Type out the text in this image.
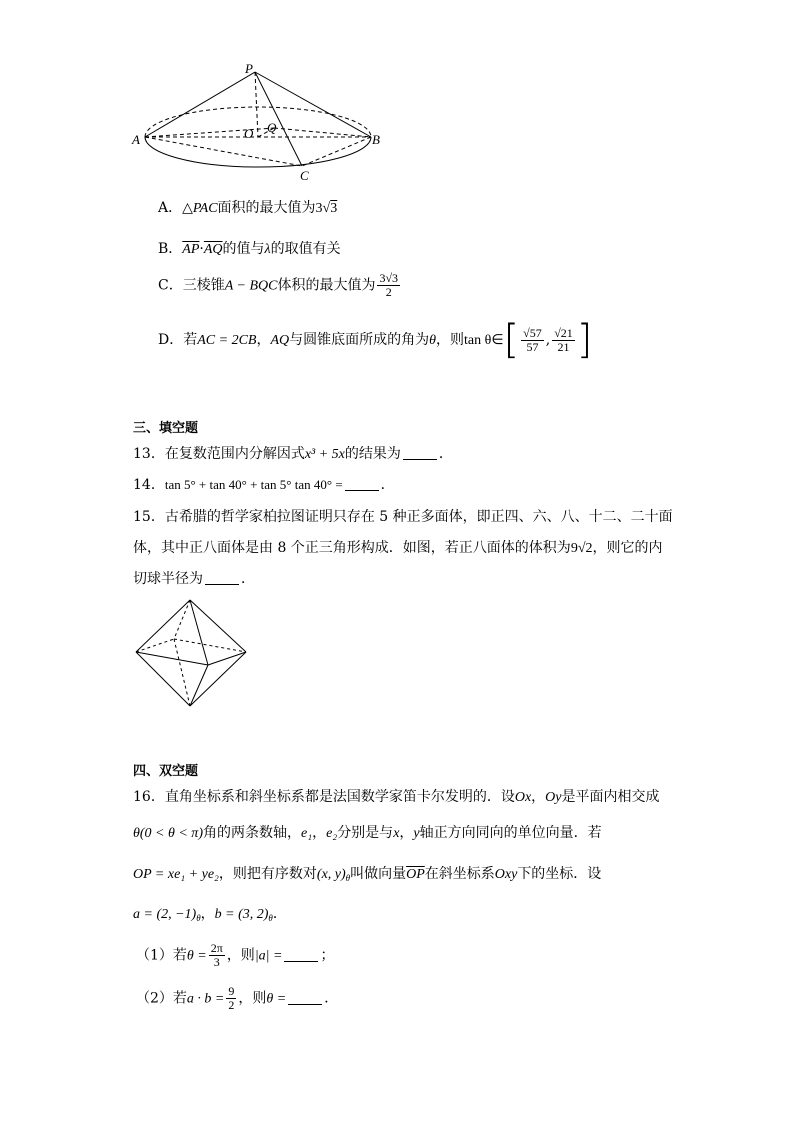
P
A	B
O Q
C
A．△PAC面积的最大值为3√3
B．$\overline{AP}\cdot\overline{AQ}$的值与λ的取值有关
C．三棱锥A − BQC体积的最大值为 $\frac{3√3}{2}$
D．若AC = 2CB，AQ与圆锥底面所成的角为θ，则tan θ∈[ $\frac{√57}{57}$ , $\frac{√21}{21}$ ]
三、填空题
13．在复数范围内分解因式x³ + 5x的结果为	．
14．tan 5° + tan 40° + tan 5° tan 40° =	．
15．古希腊的哲学家柏拉图证明只存在 5 种正多面体，即正四、六、八、十二、二十面
体，其中正八面体是由 8 个正三角形构成．如图，若正八面体的体积为9√2，则它的内
切球半径为	．
四、双空题
16．直角坐标系和斜坐标系都是法国数学家笛卡尔发明的．设Ox，Oy是平面内相交成
θ(0 < θ < π)角的两条数轴，e₁，e₂分别是与x，y轴正方向同向的单位向量．若
OP = xe₁ + ye₂，则把有序数对(x, $y)_\theta$叫做向量$\overline{OP}$在斜坐标系Oxy下的坐标．设
a = (2, $-1)_\theta$，b = (3, $2)_\theta$．
（1）若$\theta = \frac{2\pi}{3}$ ，则|a| =	；
（2）若$a \cdot b = \frac{9}{2}$ ，则θ =	．
